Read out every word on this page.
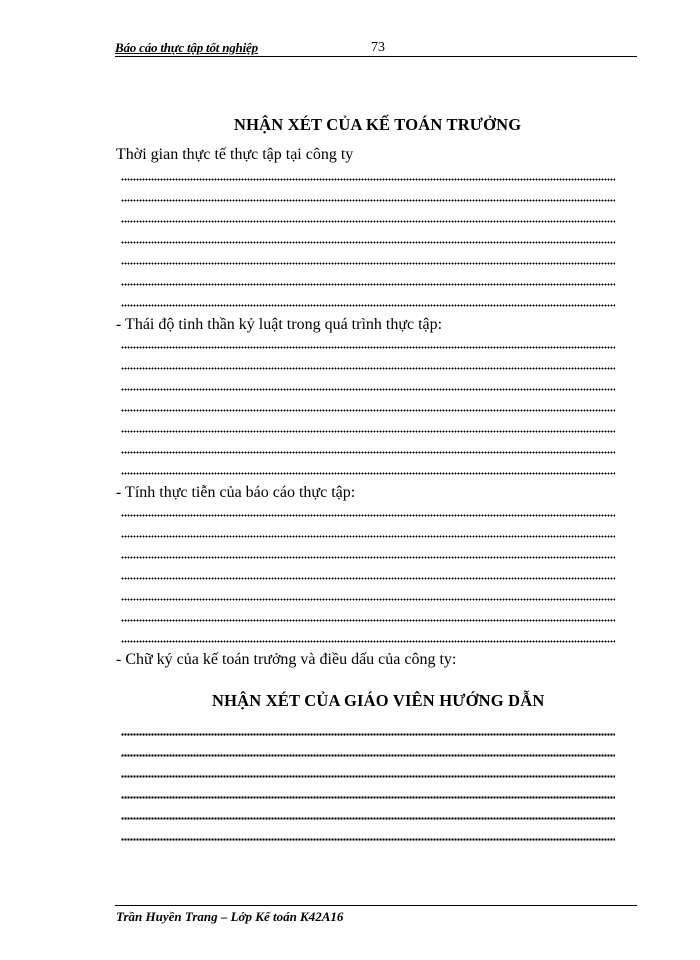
Báo cáo thực tập tốt nghiệp	73
NHẬN XÉT CỦA KẾ TOÁN TRƯỞNG
Thời gian thực tế thực tập tại công ty
- Thái độ tinh thần kỷ luật trong quá trình thực tập:
- Tính thực tiễn của báo cáo thực tập:
- Chữ ký của kế toán trưởng và điều dấu của công ty:
NHẬN XÉT CỦA GIÁO VIÊN HƯỚNG DẪN
Trần Huyền Trang – Lớp Kế toán K42A16
